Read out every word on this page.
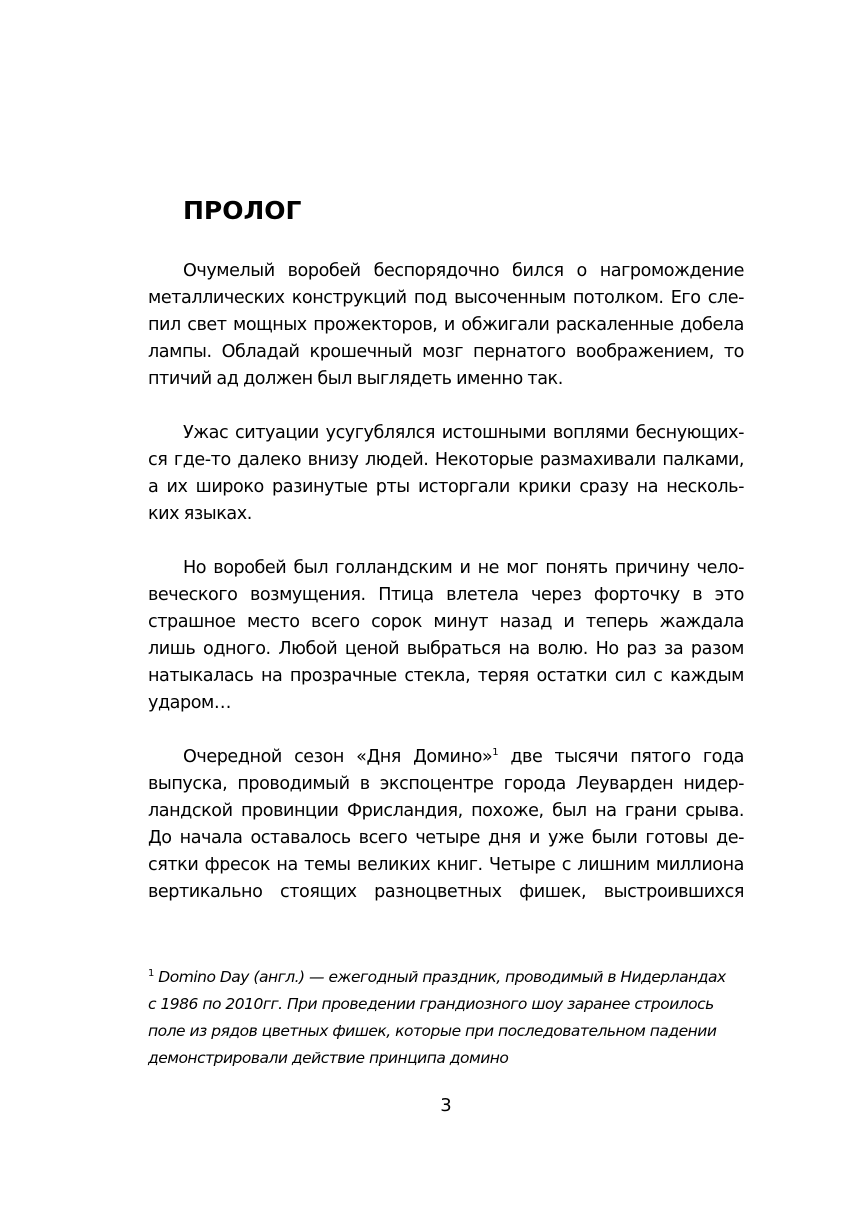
ПРОЛОГ

Очумелый воробей беспорядочно бился о нагромождение
металлических конструкций под высоченным потолком. Его сле-
пил свет мощных прожекторов, и обжигали раскаленные добела
лампы. Обладай крошечный мозг пернатого воображением, то
птичий ад должен был выглядеть именно так.

Ужас ситуации усугублялся истошными воплями беснующих-
ся где-то далеко внизу людей. Некоторые размахивали палками,
а их широко разинутые рты исторгали крики сразу на несколь-
ких языках.

Но воробей был голландским и не мог понять причину чело-
веческого возмущения. Птица влетела через форточку в это
страшное место всего сорок минут назад и теперь жаждала
лишь одного. Любой ценой выбраться на волю. Но раз за разом
натыкалась на прозрачные стекла, теряя остатки сил с каждым
ударом…

Очередной сезон «Дня Домино»$^1$ две тысячи пятого года
выпуска, проводимый в экспоцентре города Леуварден нидер-
ландской провинции Фрисландия, похоже, был на грани срыва.
До начала оставалось всего четыре дня и уже были готовы де-
сятки фресок на темы великих книг. Четыре с лишним миллиона
вертикально стоящих разноцветных фишек, выстроившихся

$^1$ Domino Day (англ.) — ежегодный праздник, проводимый в Нидерландах
с 1986 по 2010гг. При проведении грандиозного шоу заранее строилось
поле из рядов цветных фишек, которые при последовательном падении
демонстрировали действие принципа домино
3
